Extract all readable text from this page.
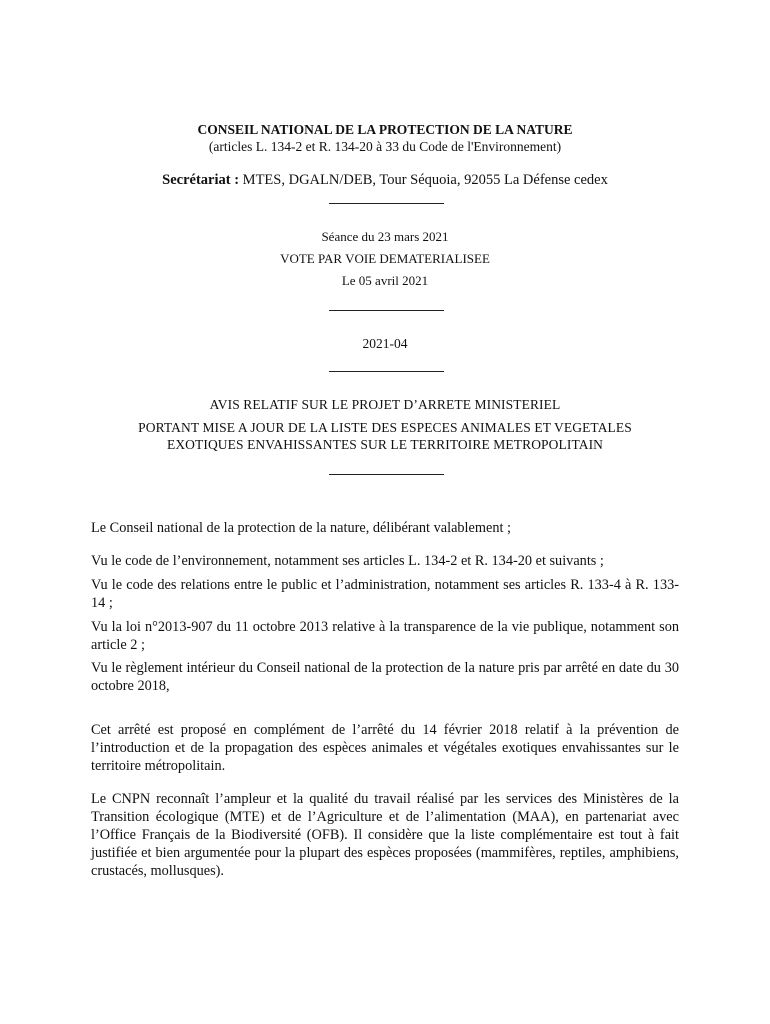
CONSEIL NATIONAL DE LA PROTECTION DE LA NATURE
(articles L. 134-2 et R. 134-20 à 33 du Code de l'Environnement)
Secrétariat : MTES, DGALN/DEB, Tour Séquoia, 92055 La Défense cedex
Séance du 23 mars 2021
VOTE PAR VOIE DEMATERIALISEE
Le 05 avril 2021
2021-04
AVIS RELATIF SUR LE PROJET D’ARRETE MINISTERIEL
PORTANT MISE A JOUR DE LA LISTE DES ESPECES ANIMALES ET VEGETALES
EXOTIQUES ENVAHISSANTES SUR LE TERRITOIRE METROPOLITAIN
Le Conseil national de la protection de la nature, délibérant valablement ;
Vu le code de l’environnement, notamment ses articles L. 134-2 et R. 134-20 et suivants ;
Vu le code des relations entre le public et l’administration, notamment ses articles R. 133-4 à R. 133-14 ;
Vu la loi n°2013-907 du 11 octobre 2013 relative à la transparence de la vie publique, notamment son article 2 ;
Vu le règlement intérieur du Conseil national de la protection de la nature pris par arrêté en date du 30 octobre 2018,
Cet arrêté est proposé en complément de l’arrêté du 14 février 2018 relatif à la prévention de l’introduction et de la propagation des espèces animales et végétales exotiques envahissantes sur le territoire métropolitain.
Le CNPN reconnaît l’ampleur et la qualité du travail réalisé par les services des Ministères de la Transition écologique (MTE) et de l’Agriculture et de l’alimentation (MAA), en partenariat avec l’Office Français de la Biodiversité (OFB). Il considère que la liste complémentaire est tout à fait justifiée et bien argumentée pour la plupart des espèces proposées (mammifères, reptiles, amphibiens, crustacés, mollusques).
